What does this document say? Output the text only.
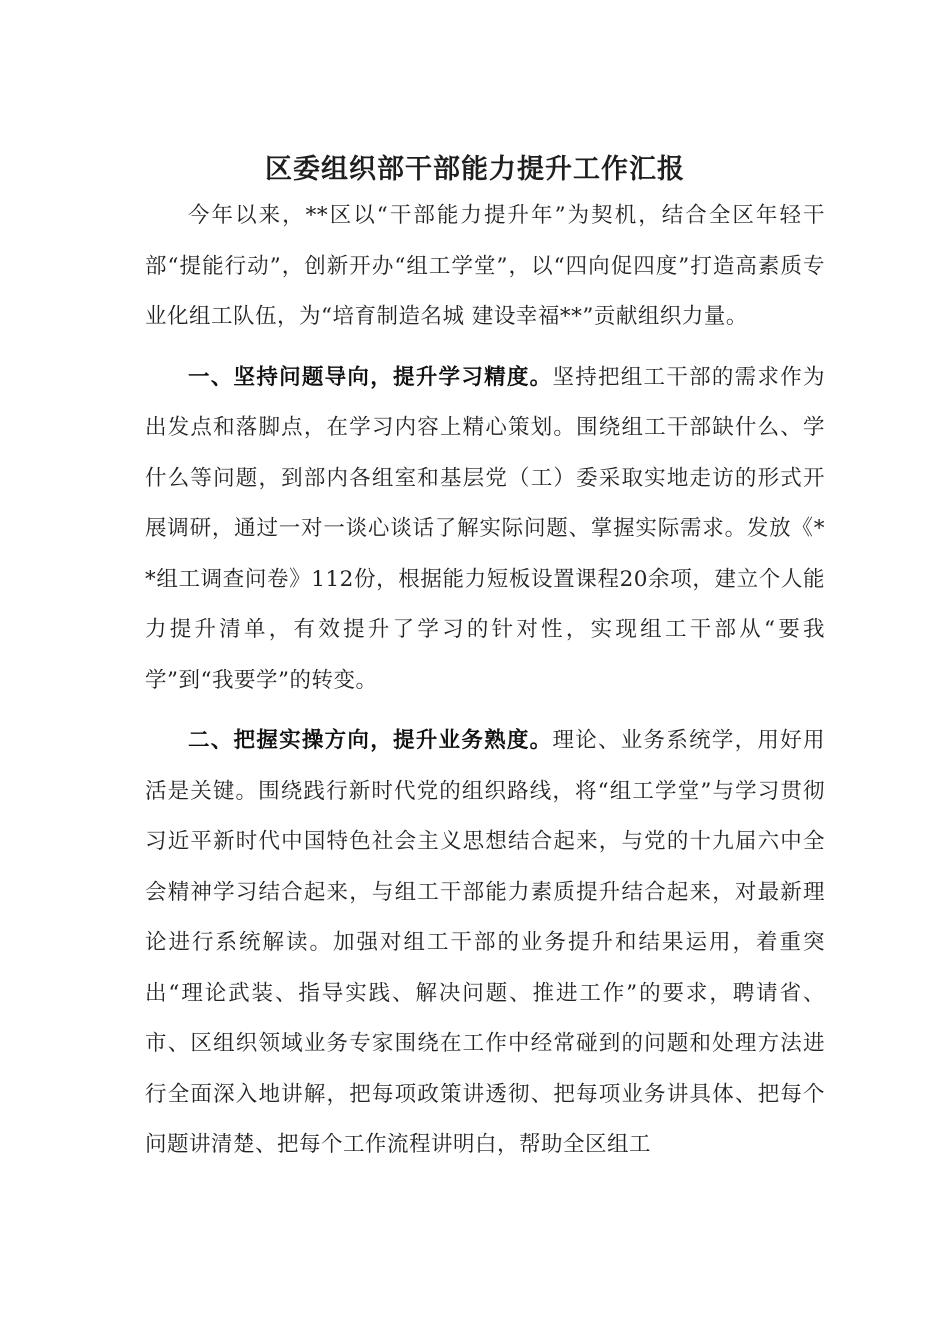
区委组织部干部能力提升工作汇报

今年以来，**区以“干部能力提升年”为契机，结合全区年轻干部“提能行动”，创新开办“组工学堂”，以“四向促四度”打造高素质专业化组工队伍，为“培育制造名城 建设幸福**”贡献组织力量。

一、坚持问题导向，提升学习精度。坚持把组工干部的需求作为出发点和落脚点，在学习内容上精心策划。围绕组工干部缺什么、学什么等问题，到部内各组室和基层党（工）委采取实地走访的形式开展调研，通过一对一谈心谈话了解实际问题、掌握实际需求。发放《**组工调查问卷》112份，根据能力短板设置课程20余项，建立个人能力提升清单，有效提升了学习的针对性，实现组工干部从“要我学”到“我要学”的转变。

二、把握实操方向，提升业务熟度。理论、业务系统学，用好用活是关键。围绕践行新时代党的组织路线，将“组工学堂”与学习贯彻习近平新时代中国特色社会主义思想结合起来，与党的十九届六中全会精神学习结合起来，与组工干部能力素质提升结合起来，对最新理论进行系统解读。加强对组工干部的业务提升和结果运用，着重突出“理论武装、指导实践、解决问题、推进工作”的要求，聘请省、市、区组织领域业务专家围绕在工作中经常碰到的问题和处理方法进行全面深入地讲解，把每项政策讲透彻、把每项业务讲具体、把每个问题讲清楚、把每个工作流程讲明白，帮助全区组工
